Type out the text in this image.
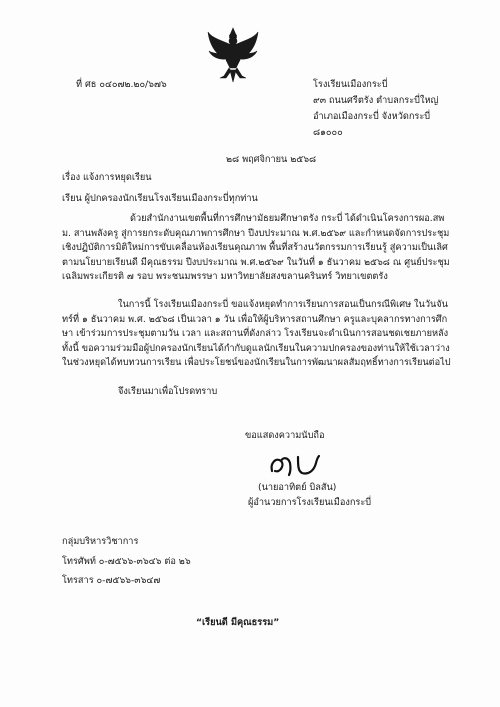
ที่ ศธ ๐๔๐๗๒.๒๐/๖๗๖	โรงเรียนเมืองกระบี่
๙๓ ถนนศรีตรัง ตำบลกระบี่ใหญ่
อำเภอเมืองกระบี่ จังหวัดกระบี่
๘๑๐๐๐
๒๘ พฤศจิกายน ๒๕๖๘
เรื่อง แจ้งการหยุดเรียน
เรียน ผู้ปกครองนักเรียนโรงเรียนเมืองกระบี่ทุกท่าน
ด้วยสำนักงานเขตพื้นที่การศึกษามัธยมศึกษาตรัง กระบี่ ได้ดำเนินโครงการผอ.สพม. สานพลังครู สู่การยกระดับคุณภาพการศึกษา ปีงบประมาณ พ.ศ.๒๕๖๙ และกำหนดจัดการประชุมเชิงปฏิบัติการมิติใหม่การขับเคลื่อนห้องเรียนคุณภาพ พื้นที่สร้างนวัตกรรมการเรียนรู้ สู่ความเป็นเลิศ ตามนโยบายเรียนดี มีคุณธรรม ปีงบประมาณ พ.ศ.๒๕๖๙ ในวันที่ ๑ ธันวาคม ๒๕๖๘ ณ ศูนย์ประชุมเฉลิมพระเกียรติ ๗ รอบ พระชนมพรรษา มหาวิทยาลัยสงขลานครินทร์ วิทยาเขตตรัง
ในการนี้ โรงเรียนเมืองกระบี่ ขอแจ้งหยุดทำการเรียนการสอนเป็นกรณีพิเศษ ในวันจันทร์ที่ ๑ ธันวาคม พ.ศ. ๒๕๖๘ เป็นเวลา ๑ วัน เพื่อให้ผู้บริหารสถานศึกษา ครูและบุคลากรทางการศึกษา เข้าร่วมการประชุมตามวัน เวลา และสถานที่ดังกล่าว โรงเรียนจะดำเนินการสอนชดเชยภายหลังทั้งนี้ ขอความร่วมมือผู้ปกครองนักเรียนได้กำกับดูแลนักเรียนในความปกครองของท่านให้ใช้เวลาว่างในช่วงหยุดได้ทบทวนการเรียน เพื่อประโยชน์ของนักเรียนในการพัฒนาผลสัมฤทธิ์ทางการเรียนต่อไป
จึงเรียนมาเพื่อโปรดทราบ
ขอแสดงความนับถือ
(นายอาทิตย์ บิลสัน)
ผู้อำนวยการโรงเรียนเมืองกระบี่
กลุ่มบริหารวิชาการ
โทรศัพท์ ๐-๗๕๖๖-๓๖๔๖ ต่อ ๒๖
โทรสาร ๐-๗๕๖๖-๓๖๔๗
“เรียนดี มีคุณธรรม”
